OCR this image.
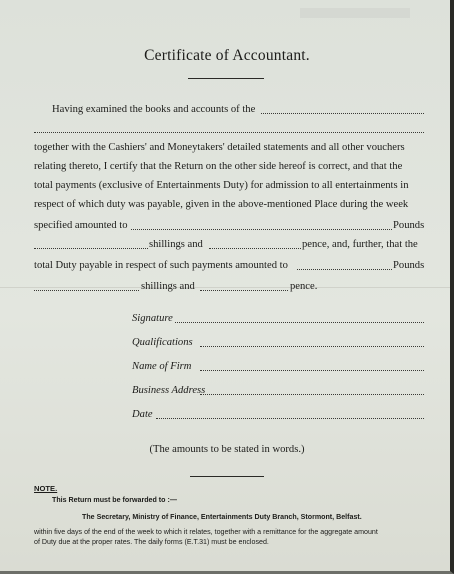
Certificate of Accountant.
Having examined the books and accounts of the
together with the Cashiers' and Moneytakers' detailed statements and all other vouchers
relating thereto, I certify that the Return on the other side hereof is correct, and that the
total payments (exclusive of Entertainments Duty) for admission to all entertainments in
respect of which duty was payable, given in the above-mentioned Place during the week
specified amounted to	Pounds
shillings and	pence, and, further, that the
total Duty payable in respect of such payments amounted to	Pounds
shillings and	pence.
Signature
Qualifications
Name of Firm
Business Address
Date
(The amounts to be stated in words.)
NOTE.
This Return must be forwarded to :—
The Secretary, Ministry of Finance, Entertainments Duty Branch, Stormont, Belfast.
within five days of the end of the week to which it relates, together with a remittance for the aggregate amount
of Duty due at the proper rates. The daily forms (E.T.31) must be enclosed.
